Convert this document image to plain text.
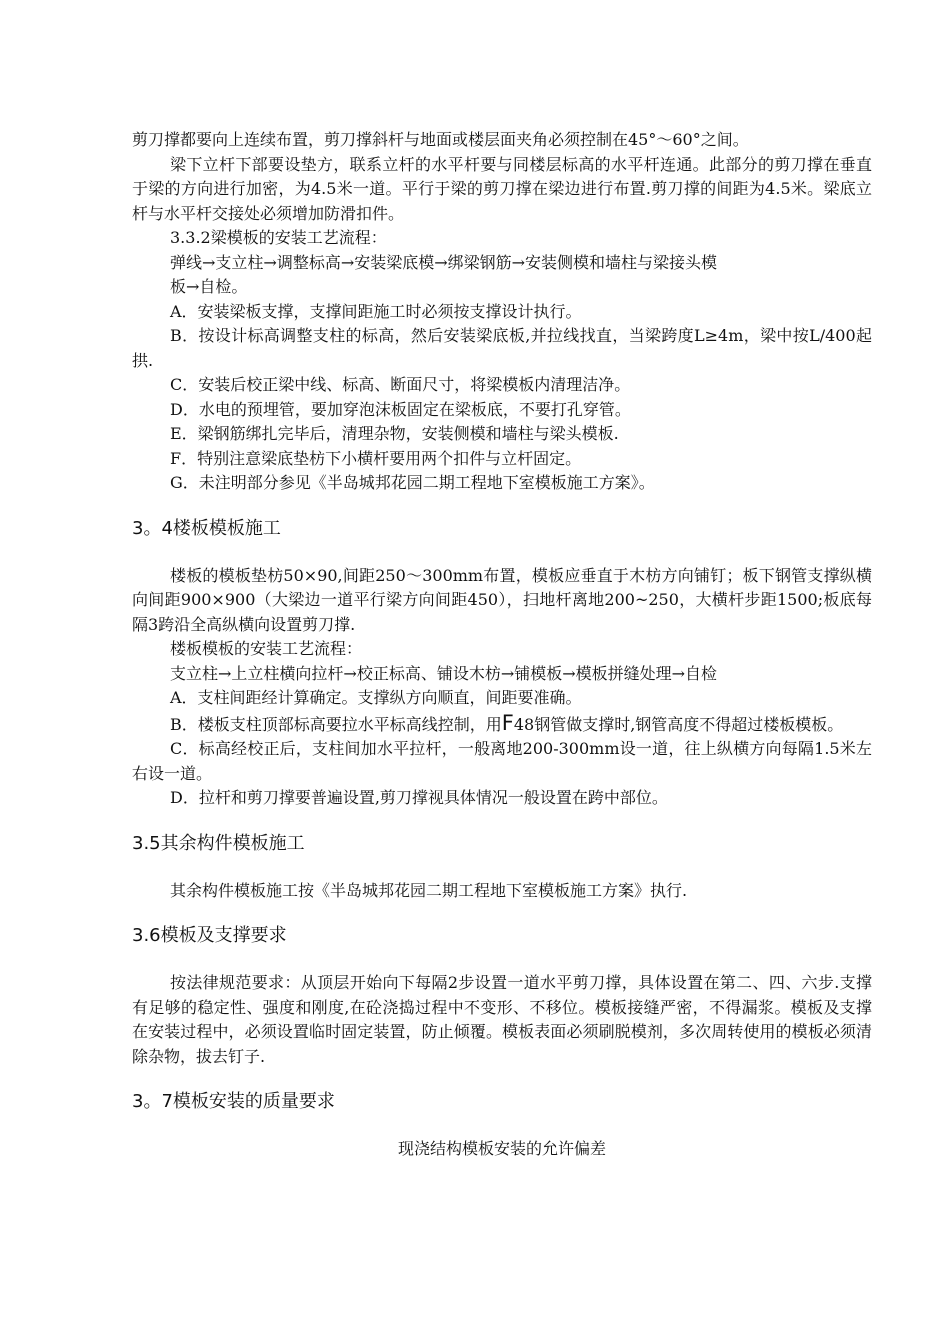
剪刀撑都要向上连续布置，剪刀撑斜杆与地面或楼层面夹角必须控制在45°～60°之间。

梁下立杆下部要设垫方，联系立杆的水平杆要与同楼层标高的水平杆连通。此部分的剪刀撑在垂直于梁的方向进行加密，为4.5米一道。平行于梁的剪刀撑在梁边进行布置.剪刀撑的间距为4.5米。梁底立杆与水平杆交接处必须增加防滑扣件。

3.3.2梁模板的安装工艺流程：

弹线→支立柱→调整标高→安装梁底模→绑梁钢筋→安装侧模和墙柱与梁接头模

板→自检。

A．安装梁板支撑，支撑间距施工时必须按支撑设计执行。

B．按设计标高调整支柱的标高，然后安装梁底板,并拉线找直，当梁跨度L≥4m，梁中按L/400起拱.

C．安装后校正梁中线、标高、断面尺寸，将梁模板内清理洁净。

D．水电的预埋管，要加穿泡沫板固定在梁板底，不要打孔穿管。

E．梁钢筋绑扎完毕后，清理杂物，安装侧模和墙柱与梁头模板.

F．特别注意梁底垫枋下小横杆要用两个扣件与立杆固定。

G．未注明部分参见《半岛城邦花园二期工程地下室模板施工方案》。

3。4楼板模板施工

楼板的模板垫枋50×90,间距250～300mm布置，模板应垂直于木枋方向铺钉；板下钢管支撑纵横向间距900×900（大梁边一道平行梁方向间距450），扫地杆离地200~250，大横杆步距1500;板底每隔3跨沿全高纵横向设置剪刀撑.

楼板模板的安装工艺流程：

支立柱→上立柱横向拉杆→校正标高、铺设木枋→铺模板→模板拼缝处理→自检

A．支柱间距经计算确定。支撑纵方向顺直，间距要准确。

B．楼板支柱顶部标高要拉水平标高线控制，用F48钢管做支撑时,钢管高度不得超过楼板模板。

C．标高经校正后，支柱间加水平拉杆，一般离地200-300mm设一道，往上纵横方向每隔1.5米左右设一道。

D．拉杆和剪刀撑要普遍设置,剪刀撑视具体情况一般设置在跨中部位。

3.5其余构件模板施工

其余构件模板施工按《半岛城邦花园二期工程地下室模板施工方案》执行.

3.6模板及支撑要求

按法律规范要求：从顶层开始向下每隔2步设置一道水平剪刀撑，具体设置在第二、四、六步.支撑有足够的稳定性、强度和刚度,在砼浇捣过程中不变形、不移位。模板接缝严密，不得漏浆。模板及支撑在安装过程中，必须设置临时固定装置，防止倾覆。模板表面必须刷脱模剂，多次周转使用的模板必须清除杂物，拔去钉子.

3。7模板安装的质量要求

现浇结构模板安装的允许偏差
